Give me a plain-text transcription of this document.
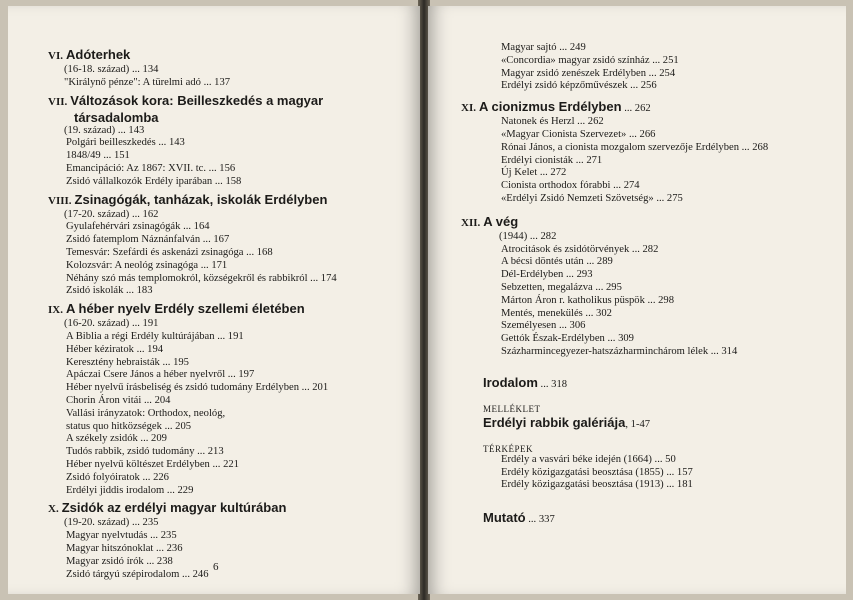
VI. Adóterhek
(16-18. század) ... 134
"Királynő pénze": A türelmi adó ... 137
VII. Változások kora: Beilleszkedés a magyar
társadalomba
(19. század) ... 143
Polgári beilleszkedés ... 143
1848/49 ... 151
Emancipáció: Az 1867: XVII. tc. ... 156
Zsidó vállalkozók Erdély iparában ... 158
VIII. Zsinagógák, tanházak, iskolák Erdélyben
(17-20. század) ... 162
Gyulafehérvári zsinagógák ... 164
Zsidó fatemplom Náznánfalván ... 167
Temesvár: Szefárdi és askenázi zsinagóga ... 168
Kolozsvár: A neológ zsinagóga ... 171
Néhány szó más templomokról, községekről és rabbikról ... 174
Zsidó iskolák ... 183
IX. A héber nyelv Erdély szellemi életében
(16-20. század) ... 191
A Biblia a régi Erdély kultúrájában ... 191
Héber kéziratok ... 194
Keresztény hebraisták ... 195
Apáczai Csere János a héber nyelvről ... 197
Héber nyelvű írásbeliség és zsidó tudomány Erdélyben ... 201
Chorin Áron vitái ... 204
Vallási irányzatok: Orthodox, neológ,
status quo hitközségek ... 205
A székely zsidók ... 209
Tudós rabbik, zsidó tudomány ... 213
Héber nyelvű költészet Erdélyben ... 221
Zsidó folyóiratok ... 226
Erdélyi jiddis irodalom ... 229
X. Zsidók az erdélyi magyar kultúrában
(19-20. század) ... 235
Magyar nyelvtudás ... 235
Magyar hitszónoklat ... 236
Magyar zsidó írók ... 238
Zsidó tárgyú szépirodalom ... 246
6
Magyar sajtó ... 249
«Concordia» magyar zsidó színház ... 251
Magyar zsidó zenészek Erdélyben ... 254
Erdélyi zsidó képzőművészek ... 256
XI. A cionizmus Erdélyben ... 262
Natonek és Herzl ... 262
«Magyar Cionista Szervezet» ... 266
Rónai János, a cionista mozgalom szervezője Erdélyben ... 268
Erdélyi cionisták ... 271
Új Kelet ... 272
Cionista orthodox fórabbi ... 274
«Erdélyi Zsidó Nemzeti Szövetség» ... 275
XII. A vég
(1944) ... 282
Atrocitások és zsidótörvények ... 282
A bécsi döntés után ... 289
Dél-Erdélyben ... 293
Sebzetten, megalázva ... 295
Márton Áron r. katholikus püspök ... 298
Mentés, menekülés ... 302
Személyesen ... 306
Gettók Észak-Erdélyben ... 309
Százharmincegyezer-hatszázharminchárom lélek ... 314
Irodalom ... 318
MELLÉKLET
Erdélyi rabbik galériája, 1-47
TÉRKÉPEK
Erdély a vasvári béke idején (1664) ... 50
Erdély közigazgatási beosztása (1855) ... 157
Erdély közigazgatási beosztása (1913) ... 181
Mutató ... 337
